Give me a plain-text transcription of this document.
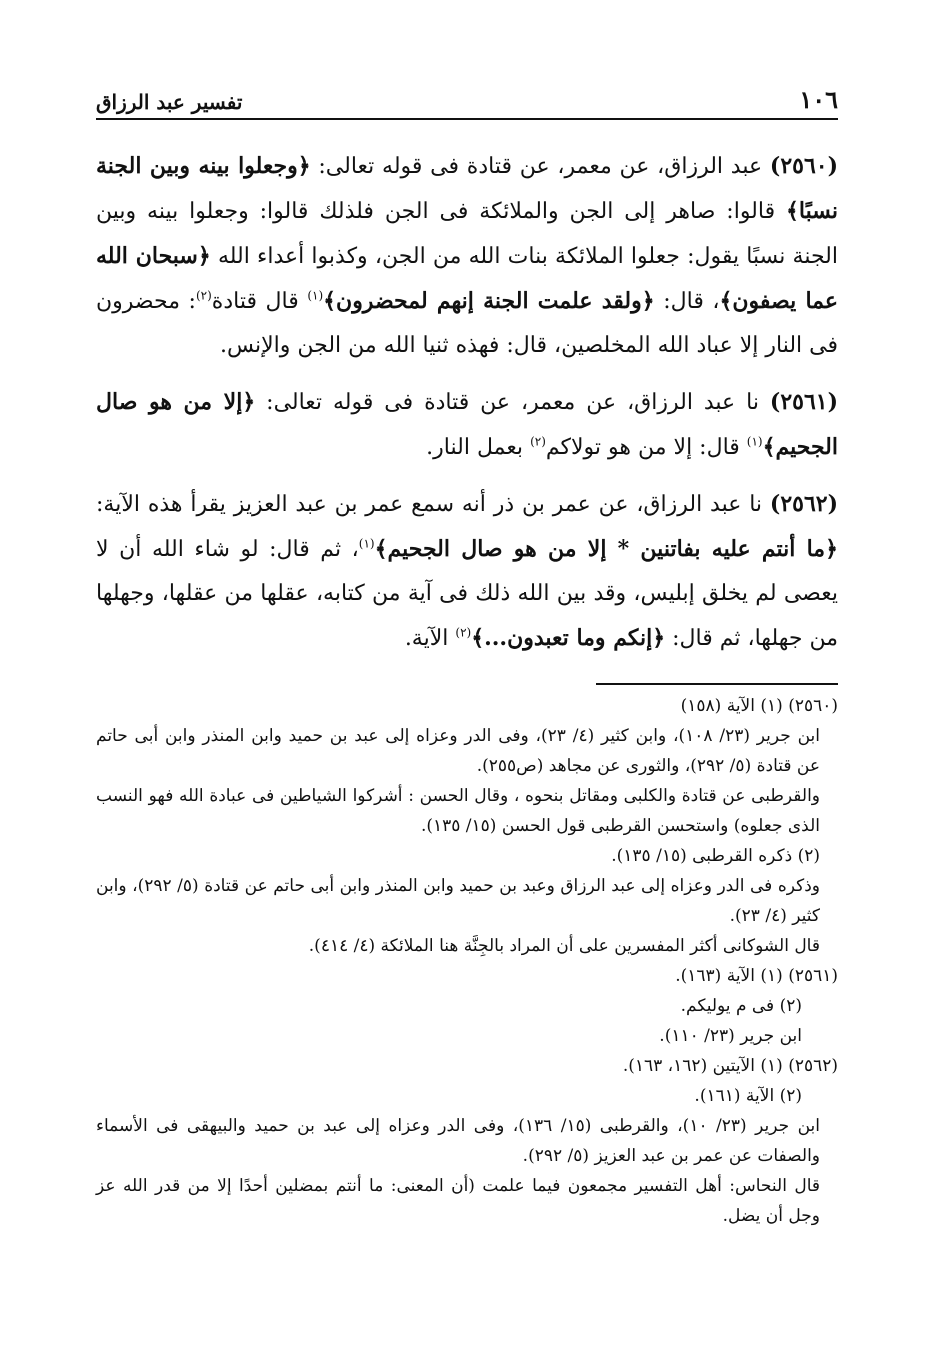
١٠٦
تفسير عبد الرزاق

(٢٥٦٠) عبد الرزاق، عن معمر، عن قتادة فى قوله تعالى: ﴿وجعلوا بينه وبين الجنة نسبًا﴾ قالوا: صاهر إلى الجن والملائكة فى الجن فلذلك قالوا: وجعلوا بينه وبين الجنة نسبًا يقول: جعلوا الملائكة بنات الله من الجن، وكذبوا أعداء الله ﴿سبحان الله عما يصفون﴾، قال: ﴿ولقد علمت الجنة إنهم لمحضرون﴾$^{(١)}$ قال قتادة$^{(٢)}$: محضرون فى النار إلا عباد الله المخلصين، قال: فهذه ثنيا الله من الجن والإنس.

(٢٥٦١) نا عبد الرزاق، عن معمر، عن قتادة فى قوله تعالى: ﴿إلا من هو صال الجحيم﴾$^{(١)}$ قال: إلا من هو تولاكم$^{(٢)}$ بعمل النار.

(٢٥٦٢) نا عبد الرزاق، عن عمر بن ذر أنه سمع عمر بن عبد العزيز يقرأ هذه الآية: ﴿ما أنتم عليه بفاتنين * إلا من هو صال الجحيم﴾$^{(١)}$، ثم قال: لو شاء الله أن لا يعصى لم يخلق إبليس، وقد بين الله ذلك فى آية من كتابه، عقلها من عقلها، وجهلها من جهلها، ثم قال: ﴿إنكم وما تعبدون...﴾$^{(٢)}$ الآية.

(٢٥٦٠) (١) الآية (١٥٨)

ابن جرير (٢٣/ ١٠٨)، وابن كثير (٤/ ٢٣)، وفى الدر وعزاه إلى عبد بن حميد وابن المنذر وابن أبى حاتم عن قتادة (٥/ ٢٩٢)، والثورى عن مجاهد (ص٢٥٥).

والقرطبى عن قتادة والكلبى ومقاتل بنحوه ، وقال الحسن : أشركوا الشياطين فى عبادة الله فهو النسب الذى جعلوه) واستحسن القرطبى قول الحسن (١٥/ ١٣٥).

(٢) ذكره القرطبى (١٥/ ١٣٥).

وذكره فى الدر وعزاه إلى عبد الرزاق وعبد بن حميد وابن المنذر وابن أبى حاتم عن قتادة (٥/ ٢٩٢)، وابن كثير (٤/ ٢٣).

قال الشوكانى أكثر المفسرين على أن المراد بالجِنَّة هنا الملائكة (٤/ ٤١٤).

(٢٥٦١) (١) الآية (١٦٣).

(٢) فى م يوليكم.

ابن جرير (٢٣/ ١١٠).

(٢٥٦٢) (١) الآيتين (١٦٢، ١٦٣).

(٢) الآية (١٦١).

ابن جرير (٢٣/ ١٠)، والقرطبى (١٥/ ١٣٦)، وفى الدر وعزاه إلى عبد بن حميد والبيهقى فى الأسماء والصفات عن عمر بن عبد العزيز (٥/ ٢٩٢).

قال النحاس: أهل التفسير مجمعون فيما علمت (أن المعنى: ما أنتم بمضلين أحدًا إلا من قدر الله عز وجل أن يضل.
